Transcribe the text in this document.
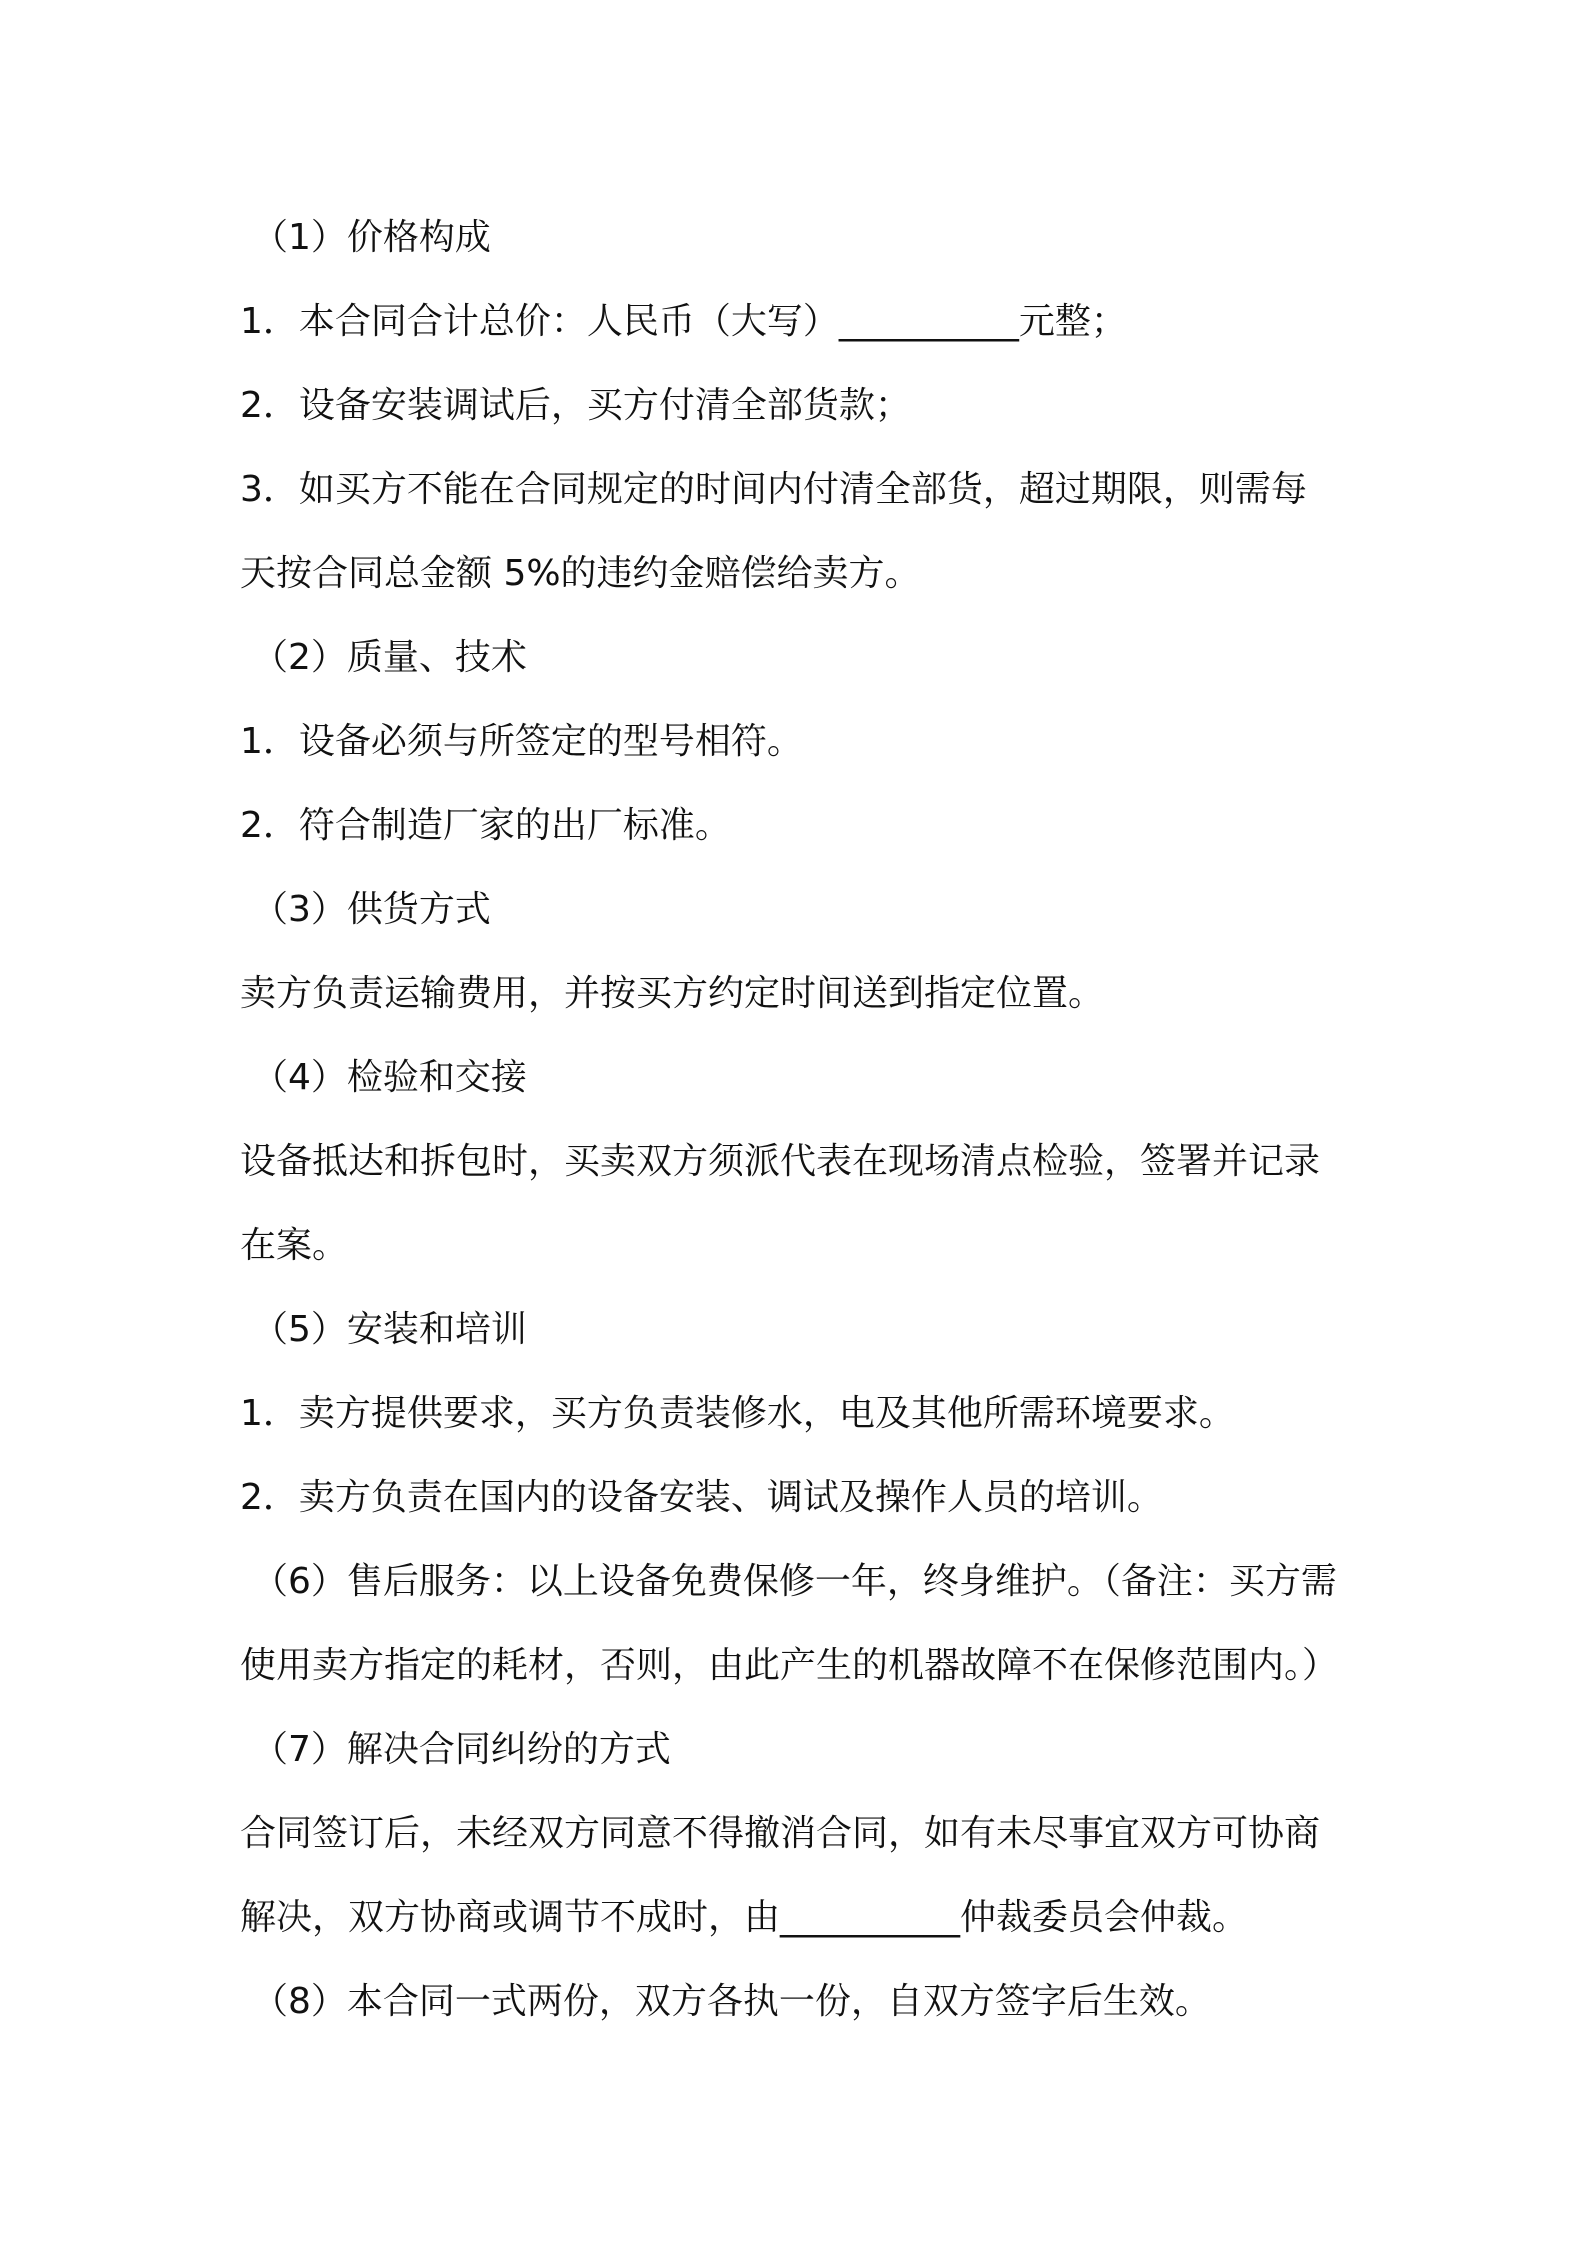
（1）价格构成
1．本合同合计总价：人民币（大写）__________元整；
2．设备安装调试后，买方付清全部货款；
3．如买方不能在合同规定的时间内付清全部货，超过期限，则需每
天按合同总金额 5%的违约金赔偿给卖方。
（2）质量、技术
1．设备必须与所签定的型号相符。
2．符合制造厂家的出厂标准。
（3）供货方式
卖方负责运输费用，并按买方约定时间送到指定位置。
（4）检验和交接
设备抵达和拆包时，买卖双方须派代表在现场清点检验，签署并记录
在案。
（5）安装和培训
1．卖方提供要求，买方负责装修水，电及其他所需环境要求。
2．卖方负责在国内的设备安装、调试及操作人员的培训。
（6）售后服务：以上设备免费保修一年，终身维护。（备注：买方需
使用卖方指定的耗材，否则，由此产生的机器故障不在保修范围内。）
（7）解决合同纠纷的方式
合同签订后，未经双方同意不得撤消合同，如有未尽事宜双方可协商
解决，双方协商或调节不成时，由__________仲裁委员会仲裁。
（8）本合同一式两份，双方各执一份，自双方签字后生效。
